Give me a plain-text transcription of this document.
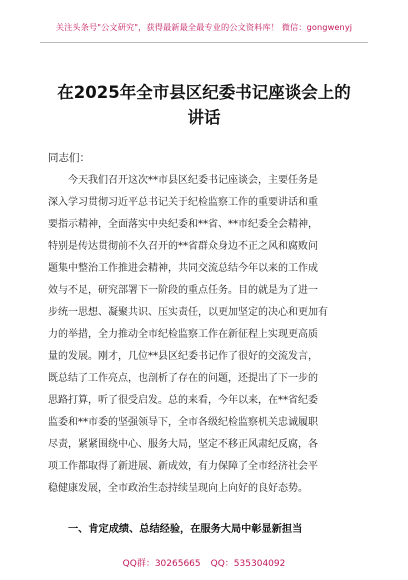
关注头条号"公文研究"，获得最新最全最专业的公文资料库！ 微信：gongwenyj
在2025年全市县区纪委书记座谈会上的
讲话
同志们：
今天我们召开这次**市县区纪委书记座谈会，主要任务是
深入学习贯彻习近平总书记关于纪检监察工作的重要讲话和重
要指示精神，全面落实中央纪委和**省、**市纪委全会精神，
特别是传达贯彻前不久召开的**省群众身边不正之风和腐败问
题集中整治工作推进会精神，共同交流总结今年以来的工作成
效与不足，研究部署下一阶段的重点任务。目的就是为了进一
步统一思想、凝聚共识、压实责任，以更加坚定的决心和更加有
力的举措，全力推动全市纪检监察工作在新征程上实现更高质
量的发展。刚才，几位**县区纪委书记作了很好的交流发言，
既总结了工作亮点，也剖析了存在的问题，还提出了下一步的
思路打算，听了很受启发。总的来看，今年以来，在**省纪委
监委和**市委的坚强领导下，全市各级纪检监察机关忠诚履职
尽责，紧紧围绕中心、服务大局，坚定不移正风肃纪反腐，各
项工作都取得了新进展、新成效，有力保障了全市经济社会平
稳健康发展，全市政治生态持续呈现向上向好的良好态势。
一、肯定成绩、总结经验，在服务大局中彰显新担当
QQ群：30265665 QQ：535304092
